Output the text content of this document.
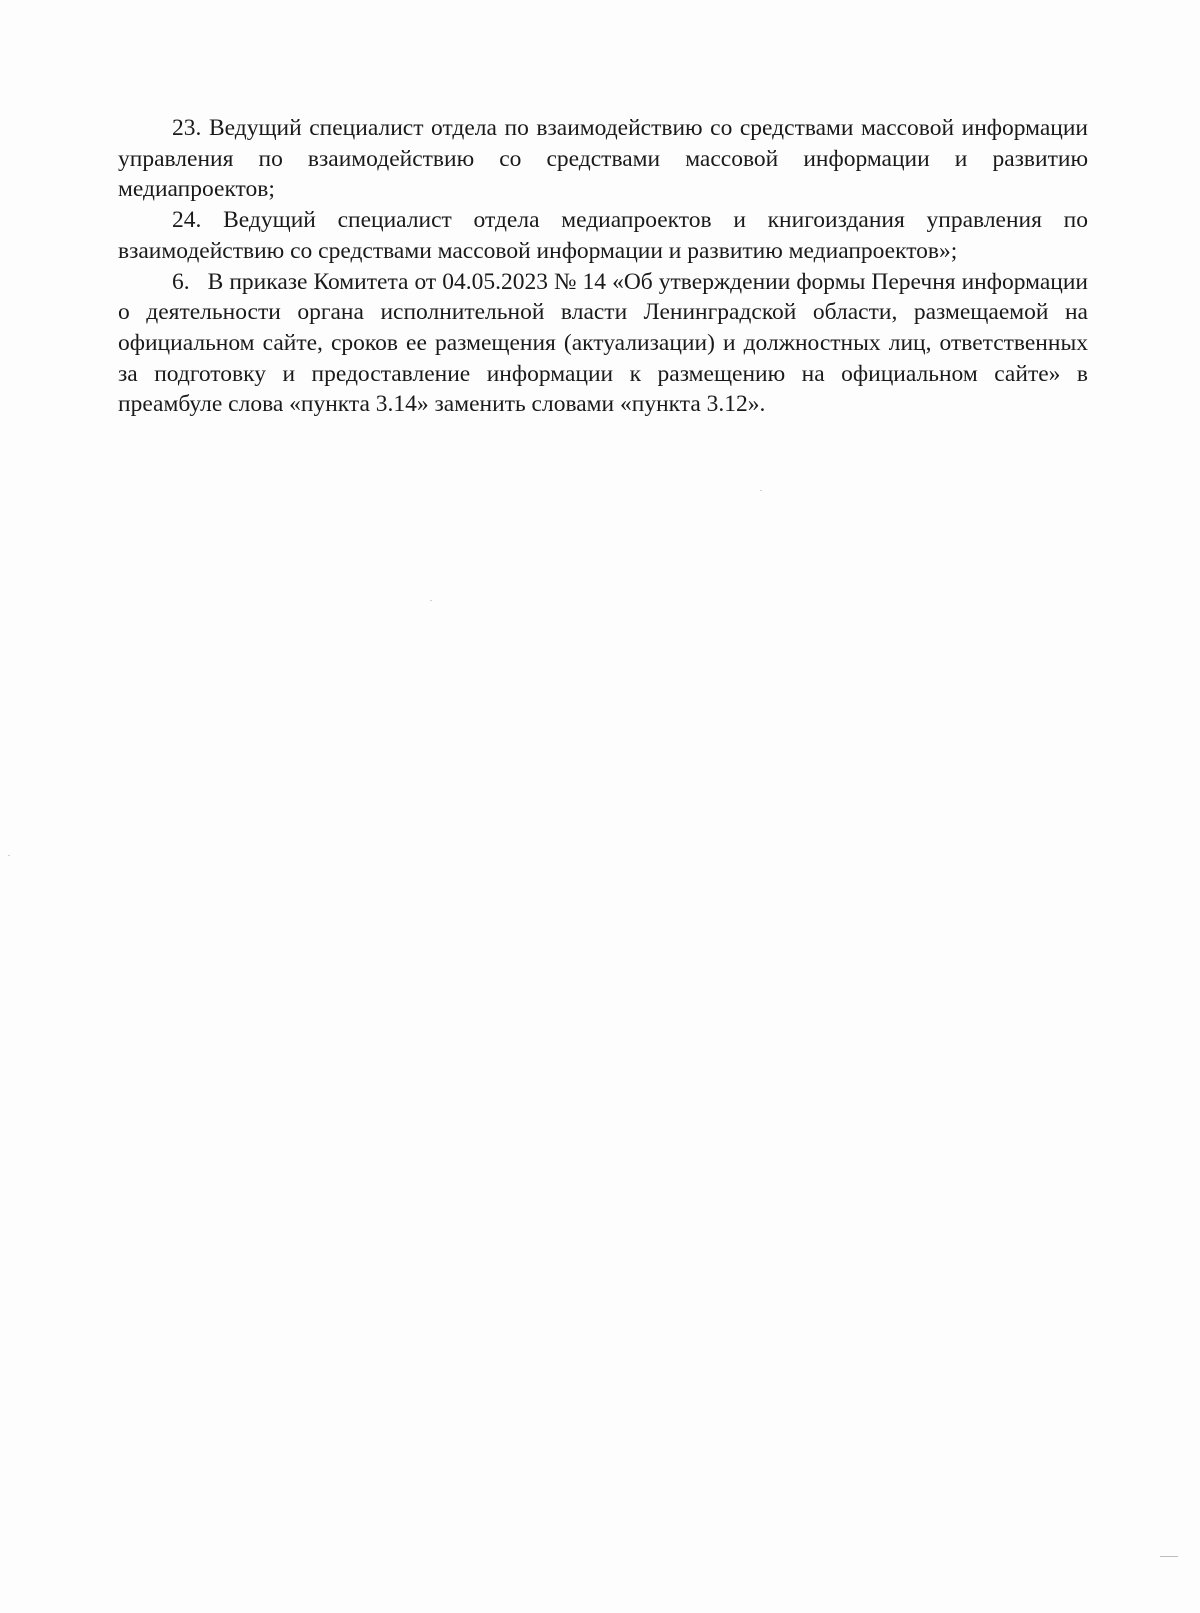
23. Ведущий специалист отдела по взаимодействию со средствами массовой информации управления по взаимодействию со средствами массовой информации и развитию медиапроектов;

24. Ведущий специалист отдела медиапроектов и книгоиздания управления по взаимодействию со средствами массовой информации и развитию медиапроектов»;

6. В приказе Комитета от 04.05.2023 № 14 «Об утверждении формы Перечня информации о деятельности органа исполнительной власти Ленинградской области, размещаемой на официальном сайте, сроков ее размещения (актуализации) и должностных лиц, ответственных за подготовку и предоставление информации к размещению на официальном сайте» в преамбуле слова «пункта 3.14» заменить словами «пункта 3.12».
